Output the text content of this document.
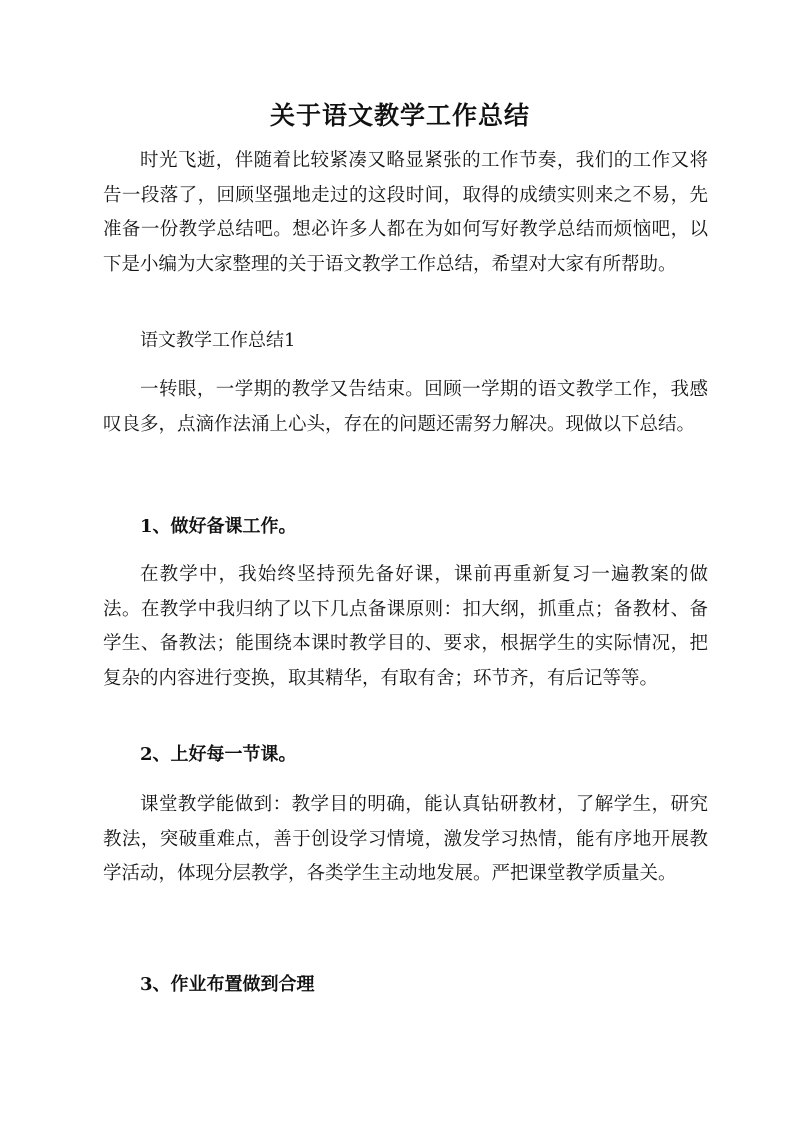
关于语文教学工作总结
时光飞逝，伴随着比较紧凑又略显紧张的工作节奏，我们的工作又将告一段落了，回顾坚强地走过的这段时间，取得的成绩实则来之不易，先准备一份教学总结吧。想必许多人都在为如何写好教学总结而烦恼吧，以下是小编为大家整理的关于语文教学工作总结，希望对大家有所帮助。
语文教学工作总结1
一转眼，一学期的教学又告结束。回顾一学期的语文教学工作，我感叹良多，点滴作法涌上心头，存在的问题还需努力解决。现做以下总结。
1、做好备课工作。
在教学中，我始终坚持预先备好课，课前再重新复习一遍教案的做法。在教学中我归纳了以下几点备课原则：扣大纲，抓重点；备教材、备学生、备教法；能围绕本课时教学目的、要求，根据学生的实际情况，把复杂的内容进行变换，取其精华，有取有舍；环节齐，有后记等等。
2、上好每一节课。
课堂教学能做到：教学目的明确，能认真钻研教材，了解学生，研究教法，突破重难点，善于创设学习情境，激发学习热情，能有序地开展教学活动，体现分层教学，各类学生主动地发展。严把课堂教学质量关。
3、作业布置做到合理
